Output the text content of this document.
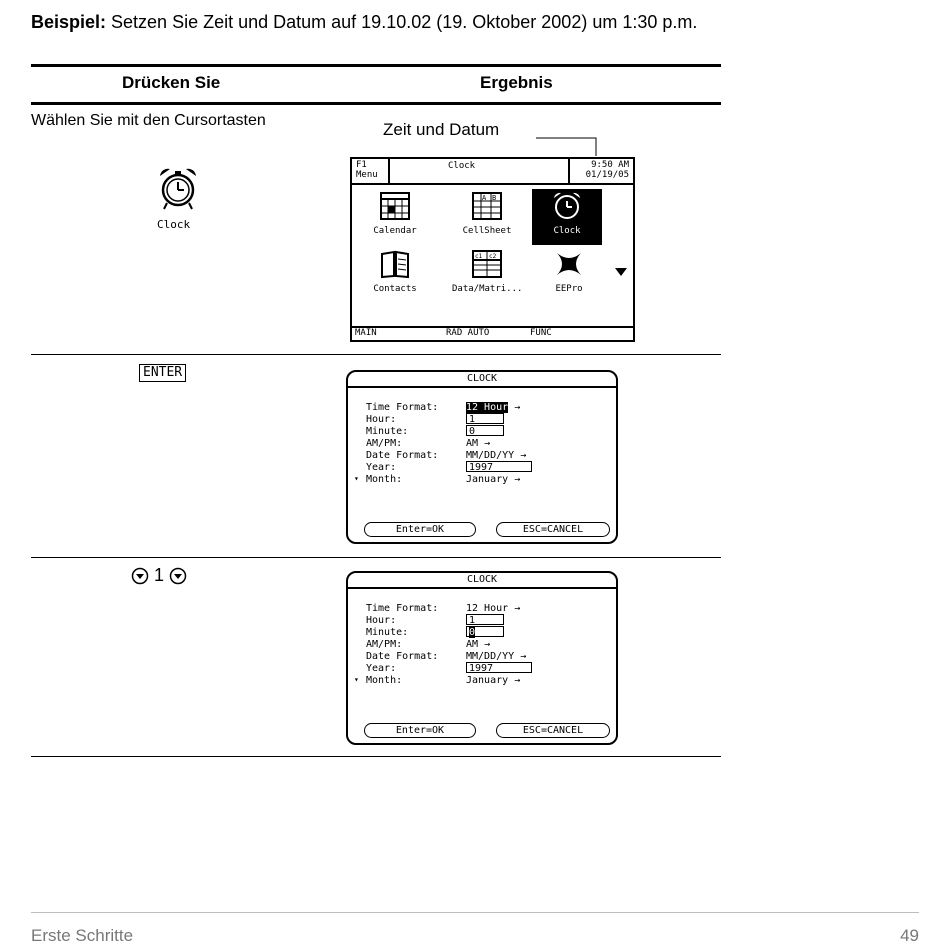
Beispiel: Setzen Sie Zeit und Datum auf 19.10.02 (19. Oktober 2002) um 1:30 p.m.
Drücken Sie	Ergebnis
Wählen Sie mit den Cursortasten
Clock
Zeit und Datum
F1
Menu
Clock	9:50 AM
01/19/05
Calendar
A B
CellSheet	Clock
Contacts
c1 c2
Data/Matri...	EEPro
MAIN	RAD AUTO	FUNC
ENTER	CLOCK
Time Format:	12 Hour →
Hour:	1
Minute:	0
AM/PM:	AM →
Date Format:	MM/DD/YY →
Year:	1997
▾ Month:	January →
Enter=OK	ESC=CANCEL
1	CLOCK
Time Format:	12 Hour →
Hour:	1
Minute:	0
AM/PM:	AM →
Date Format:	MM/DD/YY →
Year:	1997
▾ Month:	January →
Enter=OK	ESC=CANCEL
Erste Schritte	49
